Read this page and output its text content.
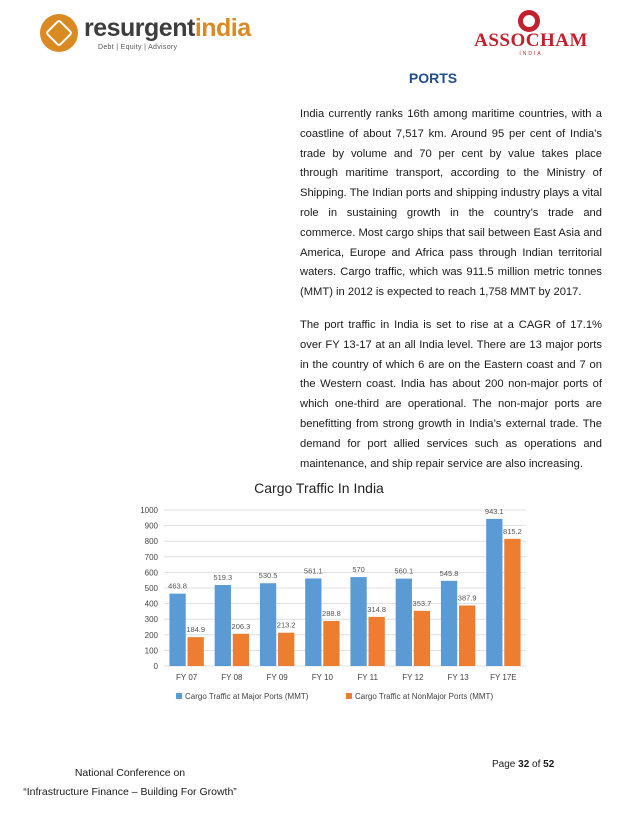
resurgentindia
Debt | Equity | Advisory	ASSOCHAM
INDIA
PORTS

India currently ranks 16th among maritime countries, with a coastline of about 7,517 km. Around 95 per cent of India's trade by volume and 70 per cent by value takes place through maritime transport, according to the Ministry of Shipping. The Indian ports and shipping industry plays a vital role in sustaining growth in the country’s trade and commerce. Most cargo ships that sail between East Asia and America, Europe and Africa pass through Indian territorial waters. Cargo traffic, which was 911.5 million metric tonnes (MMT) in 2012 is expected to reach 1,758 MMT by 2017.

The port traffic in India is set to rise at a CAGR of 17.1% over FY 13-17 at an all India level. There are 13 major ports in the country of which 6 are on the Eastern coast and 7 on the Western coast. India has about 200 non-major ports of which one-third are operational. The non-major ports are benefitting from strong growth in India’s external trade. The demand for port allied services such as operations and maintenance, and ship repair service are also increasing.

Cargo Traffic In India
0
100
200
300
400
500
600
700
800
900
1000
463.8
184.9
FY 07
519.3
206.3
FY 08
530.5
213.2
FY 09
561.1
288.8
FY 10
570
314.8
FY 11
560.1
353.7
FY 12
545.8
387.9
FY 13
943.1
815.2
FY 17E
Cargo Traffic at Major Ports (MMT)	Cargo Traffic at NonMajor Ports (MMT)
National Conference on
“Infrastructure Finance – Building For Growth”
Page 32 of 52
